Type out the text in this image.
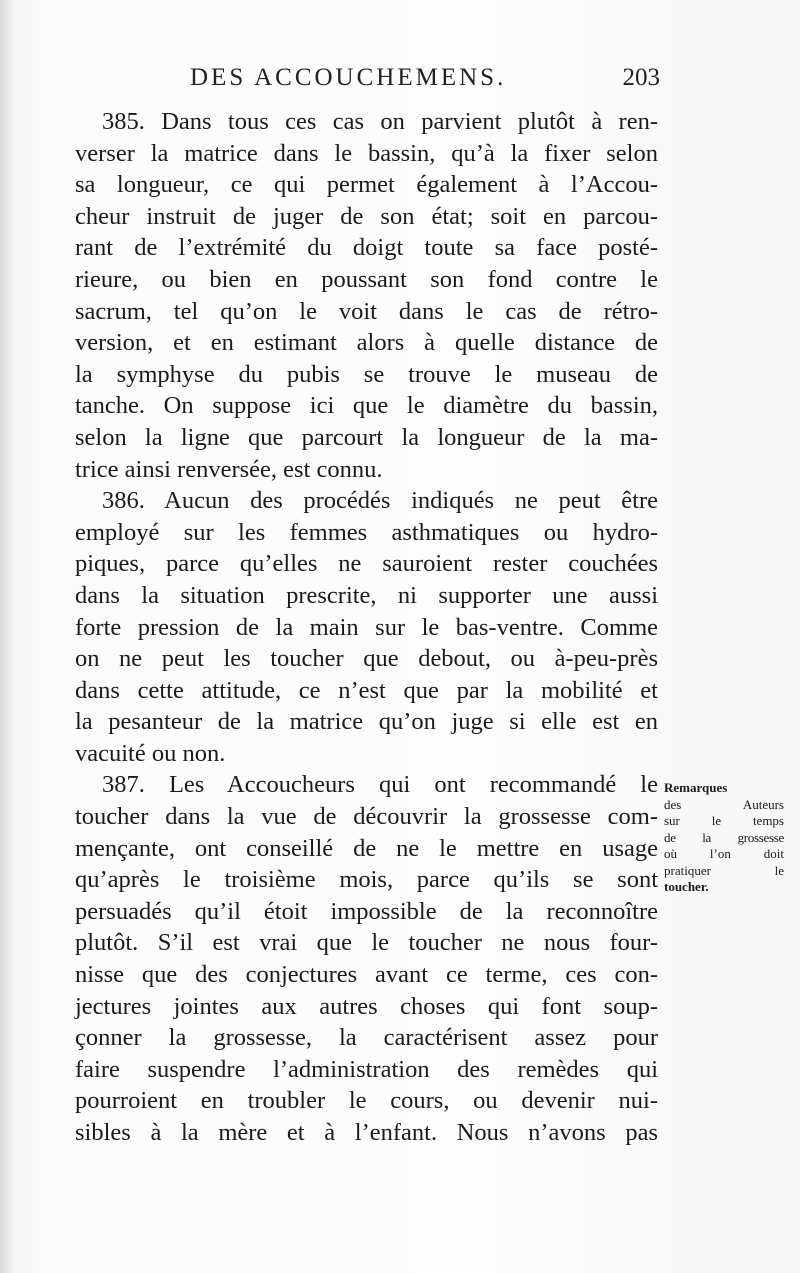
DES ACCOUCHEMENS.	203
385. Dans tous ces cas on parvient plutôt à ren-
verser la matrice dans le bassin, qu’à la fixer selon
sa longueur, ce qui permet également à l’Accou-
cheur instruit de juger de son état; soit en parcou-
rant de l’extrémité du doigt toute sa face posté-
rieure, ou bien en poussant son fond contre le
sacrum, tel qu’on le voit dans le cas de rétro-
version, et en estimant alors à quelle distance de
la symphyse du pubis se trouve le museau de
tanche. On suppose ici que le diamètre du bassin,
selon la ligne que parcourt la longueur de la ma-
trice ainsi renversée, est connu.
386. Aucun des procédés indiqués ne peut être
employé sur les femmes asthmatiques ou hydro-
piques, parce qu’elles ne sauroient rester couchées
dans la situation prescrite, ni supporter une aussi
forte pression de la main sur le bas-ventre. Comme
on ne peut les toucher que debout, ou à-peu-près
dans cette attitude, ce n’est que par la mobilité et
la pesanteur de la matrice qu’on juge si elle est en
vacuité ou non.
387. Les Accoucheurs qui ont recommandé le
toucher dans la vue de découvrir la grossesse com-
mençante, ont conseillé de ne le mettre en usage
qu’après le troisième mois, parce qu’ils se sont
persuadés qu’il étoit impossible de la reconnoître
plutôt. S’il est vrai que le toucher ne nous four-
nisse que des conjectures avant ce terme, ces con-
jectures jointes aux autres choses qui font soup-
çonner la grossesse, la caractérisent assez pour
faire suspendre l’administration des remèdes qui
pourroient en troubler le cours, ou devenir nui-
sibles à la mère et à l’enfant. Nous n’avons pas
Remarques
des Auteurs
sur le temps
de la grossesse
où l’on doit
pratiquer le
toucher.
